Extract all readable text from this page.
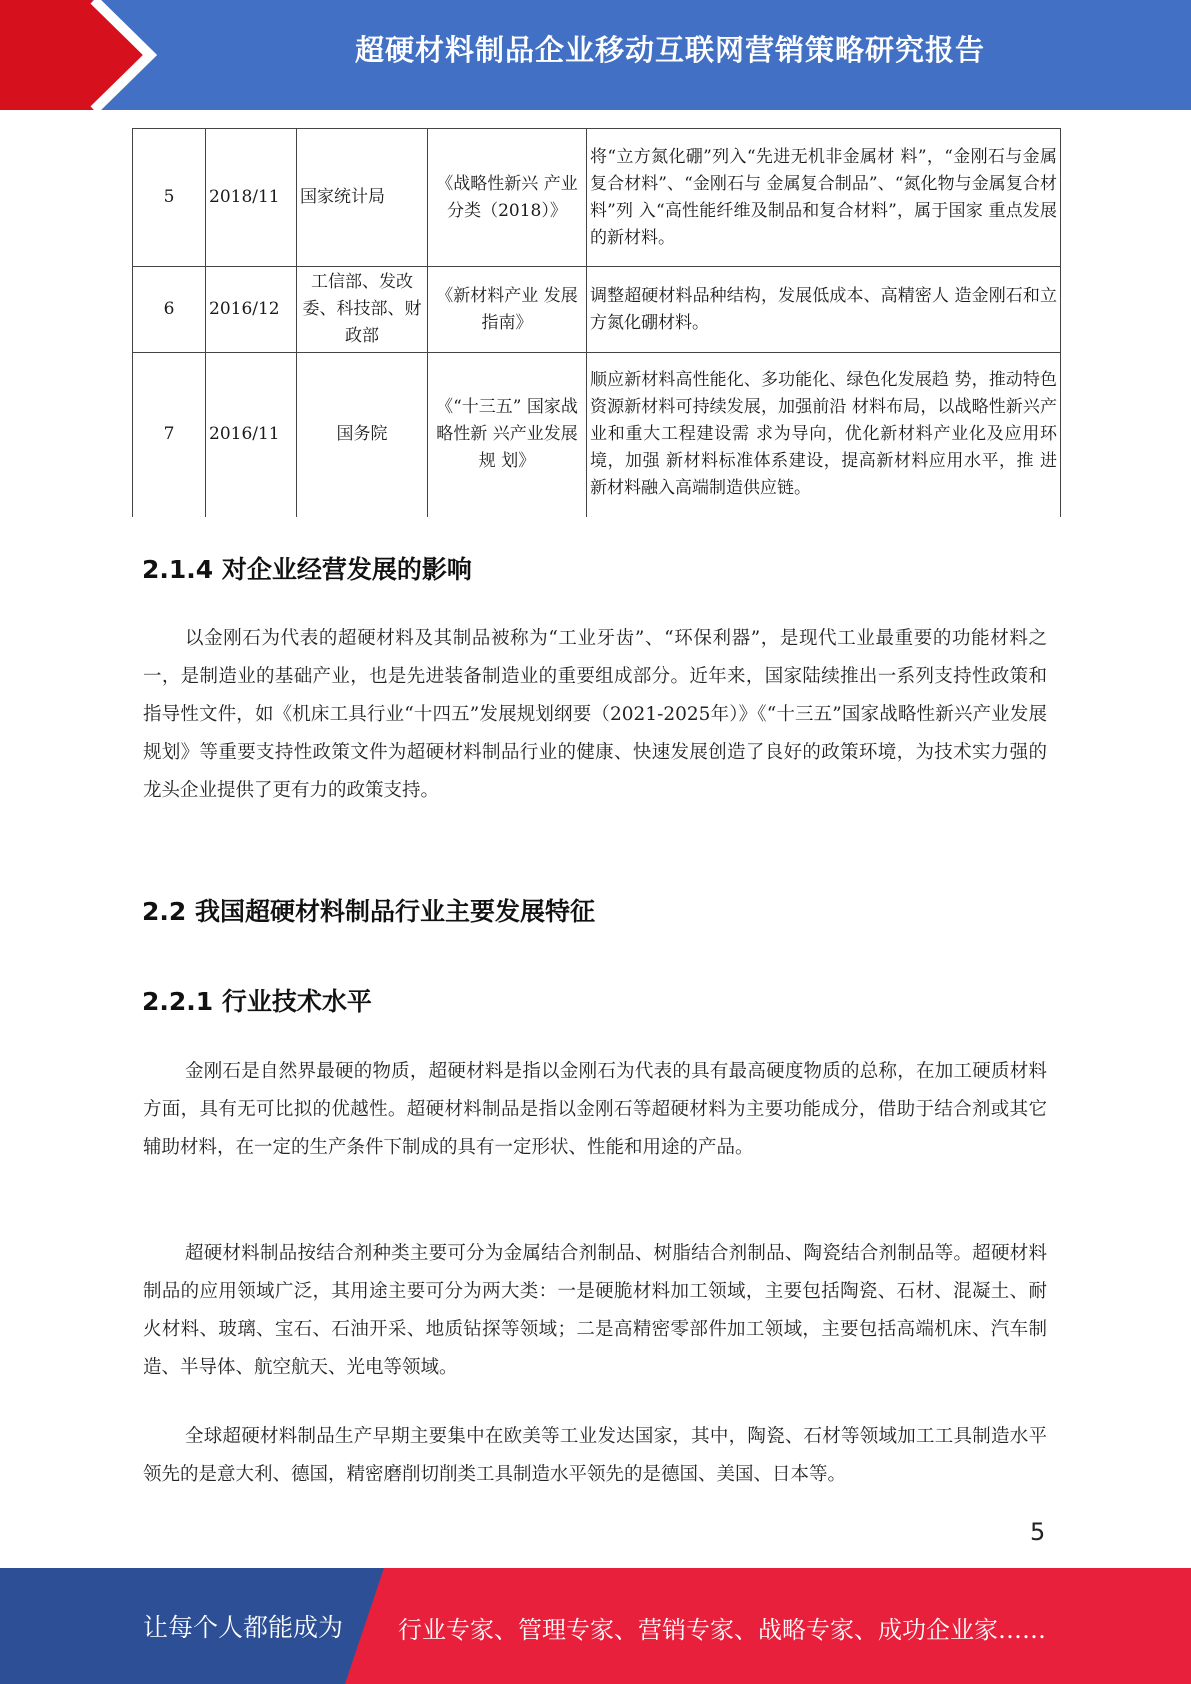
超硬材料制品企业移动互联网营销策略研究报告
5	2018/11	国家统计局	《战略性新兴 产业分类（2018）》	将“立方氮化硼”列入“先进无机非金属材 料”，“金刚石与金属复合材料”、“金刚石与 金属复合制品”、“氮化物与金属复合材料”列 入“高性能纤维及制品和复合材料”，属于国家 重点发展的新材料。
6	2016/12	工信部、发改委、科技部、财政部	《新材料产业 发展指南》	调整超硬材料品种结构，发展低成本、高精密人 造金刚石和立方氮化硼材料。
7	2016/11	国务院	《“十三五” 国家战略性新 兴产业发展规 划》	顺应新材料高性能化、多功能化、绿色化发展趋 势，推动特色资源新材料可持续发展，加强前沿 材料布局，以战略性新兴产业和重大工程建设需 求为导向，优化新材料产业化及应用环境，加强 新材料标准体系建设，提高新材料应用水平，推 进新材料融入高端制造供应链。
2.1.4 对企业经营发展的影响

以金刚石为代表的超硬材料及其制品被称为“工业牙齿”、“环保利器”，是现代工业最重要的功能材料之一，是制造业的基础产业，也是先进装备制造业的重要组成部分。近年来，国家陆续推出一系列支持性政策和指导性文件，如《机床工具行业“十四五”发展规划纲要（2021-2025年）》《“十三五”国家战略性新兴产业发展规划》等重要支持性政策文件为超硬材料制品行业的健康、快速发展创造了良好的政策环境，为技术实力强的龙头企业提供了更有力的政策支持。

2.2 我国超硬材料制品行业主要发展特征
2.2.1 行业技术水平

金刚石是自然界最硬的物质，超硬材料是指以金刚石为代表的具有最高硬度物质的总称，在加工硬质材料方面，具有无可比拟的优越性。超硬材料制品是指以金刚石等超硬材料为主要功能成分，借助于结合剂或其它辅助材料，在一定的生产条件下制成的具有一定形状、性能和用途的产品。

超硬材料制品按结合剂种类主要可分为金属结合剂制品、树脂结合剂制品、陶瓷结合剂制品等。超硬材料制品的应用领域广泛，其用途主要可分为两大类：一是硬脆材料加工领域，主要包括陶瓷、石材、混凝土、耐火材料、玻璃、宝石、石油开采、地质钻探等领域；二是高精密零部件加工领域，主要包括高端机床、汽车制造、半导体、航空航天、光电等领域。

全球超硬材料制品生产早期主要集中在欧美等工业发达国家，其中，陶瓷、石材等领域加工工具制造水平领先的是意大利、德国，精密磨削切削类工具制造水平领先的是德国、美国、日本等。

5
让每个人都能成为 行业专家、管理专家、营销专家、战略专家、成功企业家……
